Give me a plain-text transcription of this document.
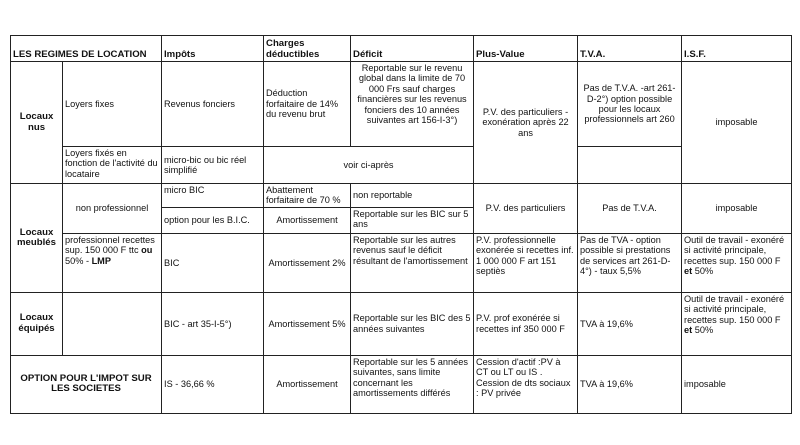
LES REGIMES DE LOCATION		Impôts	Charges déductibles	Déficit	Plus-Value	T.V.A.	I.S.F.
Locaux nus	Loyers fixes	Revenus fonciers	Déduction forfaitaire de 14% du revenu brut	Reportable sur le revenu global dans la limite de 70 000 Frs sauf charges financières sur les revenus fonciers des 10 années suivantes art 156-I-3°)	P.V. des particuliers - exonération après 22 ans	Pas de T.V.A. -art 261-D-2°) option possible pour les locaux professionnels art 260	imposable
	Loyers fixés en fonction de l'activité du locataire	micro-bic ou bic réel simplifié	voir ci-après				
Locaux meublés	non professionnel	micro BIC	Abattement forfaitaire de 70 %	non reportable	P.V. des particuliers	Pas de T.V.A.	imposable
		option pour les B.I.C.	Amortissement	Reportable sur les BIC sur 5 ans			
	professionnel recettes sup. 150 000 F ttc ou 50% - LMP	BIC	Amortissement 2%	Reportable sur les autres revenus sauf le déficit résultant de l'amortissement	P.V. professionnelle exonérée si recettes inf. 1 000 000 F art 151 septiès	Pas de TVA - option possible si prestations de services art 261-D-4°) - taux 5,5%	Outil de travail - exonéré si activité principale, recettes sup. 150 000 F et 50%
Locaux équipés		BIC - art 35-I-5°)	Amortissement 5%	Reportable sur les BIC des 5 années suivantes	P.V. prof exonérée si recettes inf 350 000 F	TVA à 19,6%	Outil de travail - exonéré si activité principale, recettes sup. 150 000 F et 50%
OPTION POUR L'IMPOT SUR LES SOCIETES		IS - 36,66 %	Amortissement	Reportable sur les 5 années suivantes, sans limite concernant les amortissements différés	Cession d'actif :PV à CT ou LT ou IS . Cession de dts sociaux : PV privée	TVA à 19,6%	imposable
